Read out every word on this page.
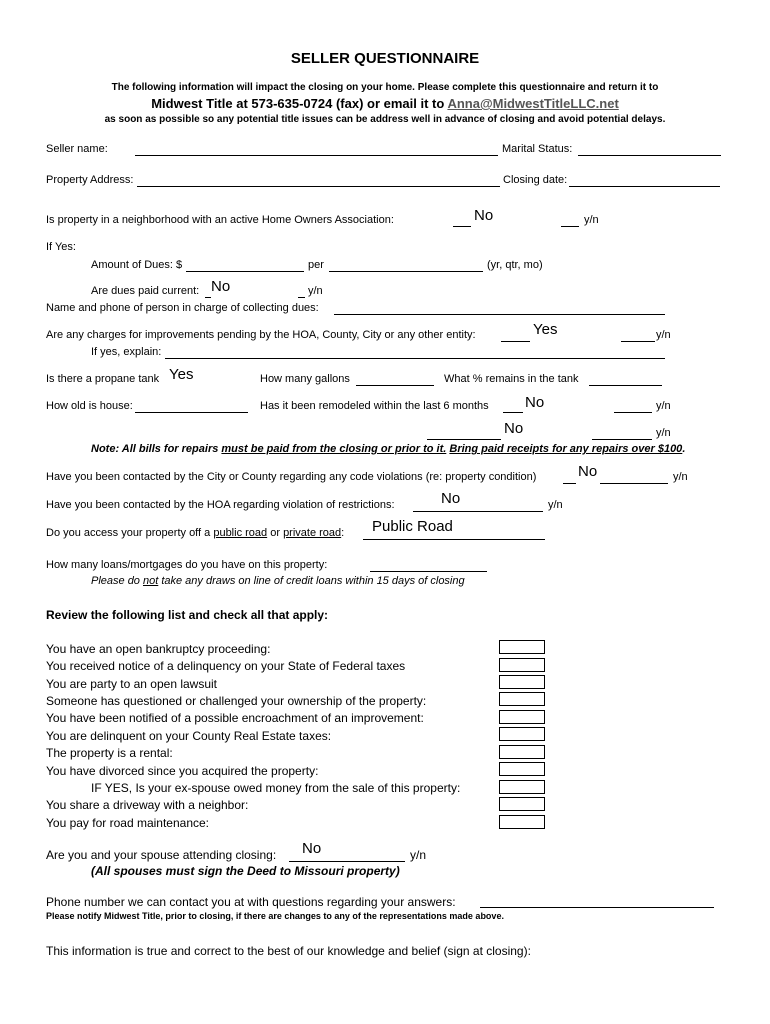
SELLER QUESTIONNAIRE
The following information will impact the closing on your home. Please complete this questionnaire and return it to
Midwest Title at 573-635-0724 (fax) or email it to Anna@MidwestTitleLLC.net
as soon as possible so any potential title issues can be address well in advance of closing and avoid potential delays.
Seller name:	Marital Status:
Property Address:	Closing date:
Is property in a neighborhood with an active Home Owners Association:	No	y/n
If Yes:
Amount of Dues: $	per	(yr, qtr, mo)
Are dues paid current: No	y/n
Name and phone of person in charge of collecting dues:
Are any charges for improvements pending by the HOA, County, City or any other entity:	Yes	y/n
If yes, explain:
Is there a propane tank Yes	How many gallons	What % remains in the tank
How old is house:	Has it been remodeled within the last 6 months No	y/n
No	y/n
Note: All bills for repairs must be paid from the closing or prior to it. Bring paid receipts for any repairs over $100.
Have you been contacted by the City or County regarding any code violations (re: property condition)	No	y/n
Have you been contacted by the HOA regarding violation of restrictions:	No	y/n
Do you access your property off a public road or private road: Public Road
How many loans/mortgages do you have on this property:
Please do not take any draws on line of credit loans within 15 days of closing
Review the following list and check all that apply:
You have an open bankruptcy proceeding:
You received notice of a delinquency on your State of Federal taxes
You are party to an open lawsuit
Someone has questioned or challenged your ownership of the property:
You have been notified of a possible encroachment of an improvement:
You are delinquent on your County Real Estate taxes:
The property is a rental:
You have divorced since you acquired the property:
IF YES, Is your ex-spouse owed money from the sale of this property:
You share a driveway with a neighbor:
You pay for road maintenance:
Are you and your spouse attending closing: No	y/n
(All spouses must sign the Deed to Missouri property)
Phone number we can contact you at with questions regarding your answers:
Please notify Midwest Title, prior to closing, if there are changes to any of the representations made above.
This information is true and correct to the best of our knowledge and belief (sign at closing):
